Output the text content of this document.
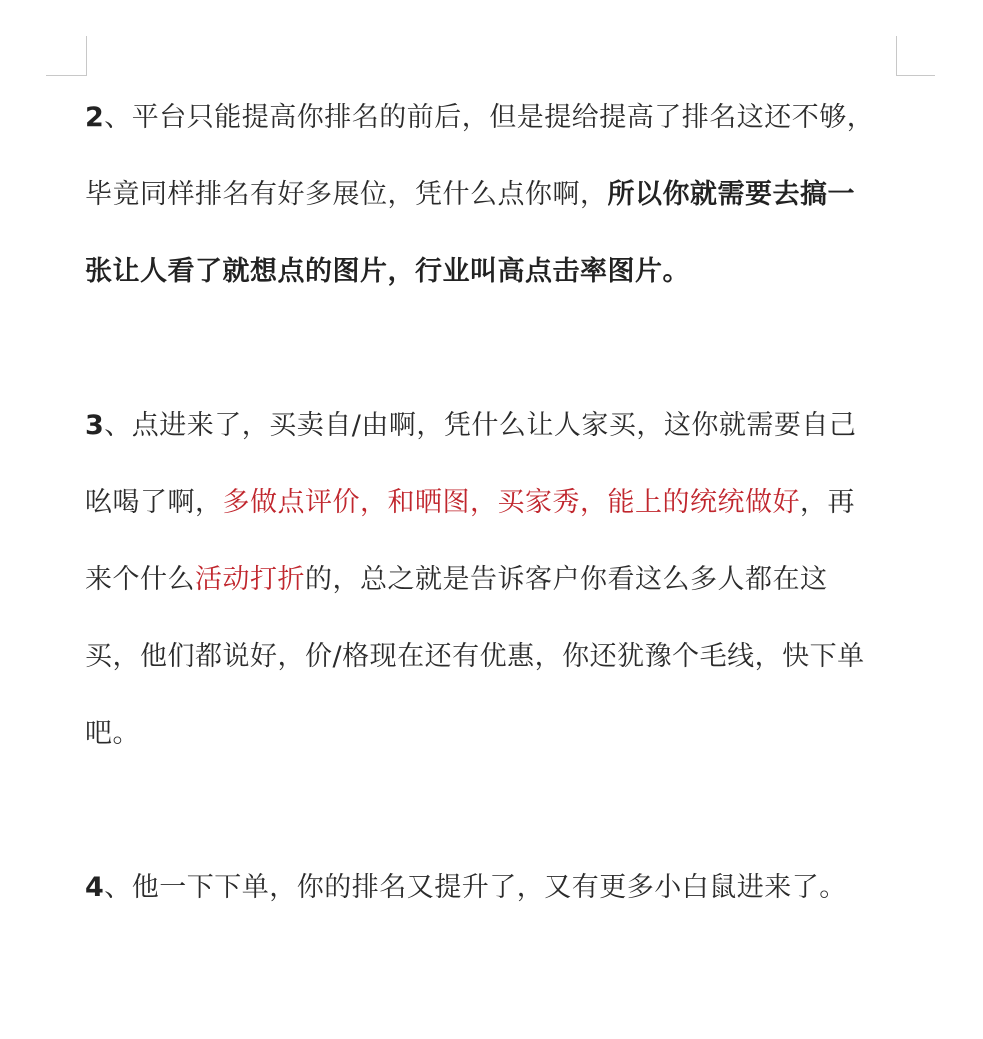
2、平台只能提高你排名的前后，但是提给提高了排名这还不够，
毕竟同样排名有好多展位，凭什么点你啊，所以你就需要去搞一
张让人看了就想点的图片，行业叫高点击率图片。
3、点进来了，买卖自/由啊，凭什么让人家买，这你就需要自己
吆喝了啊，多做点评价，和晒图，买家秀，能上的统统做好，再
来个什么活动打折的，总之就是告诉客户你看这么多人都在这
买，他们都说好，价/格现在还有优惠，你还犹豫个毛线，快下单
吧。
4、他一下下单，你的排名又提升了，又有更多小白鼠进来了。
